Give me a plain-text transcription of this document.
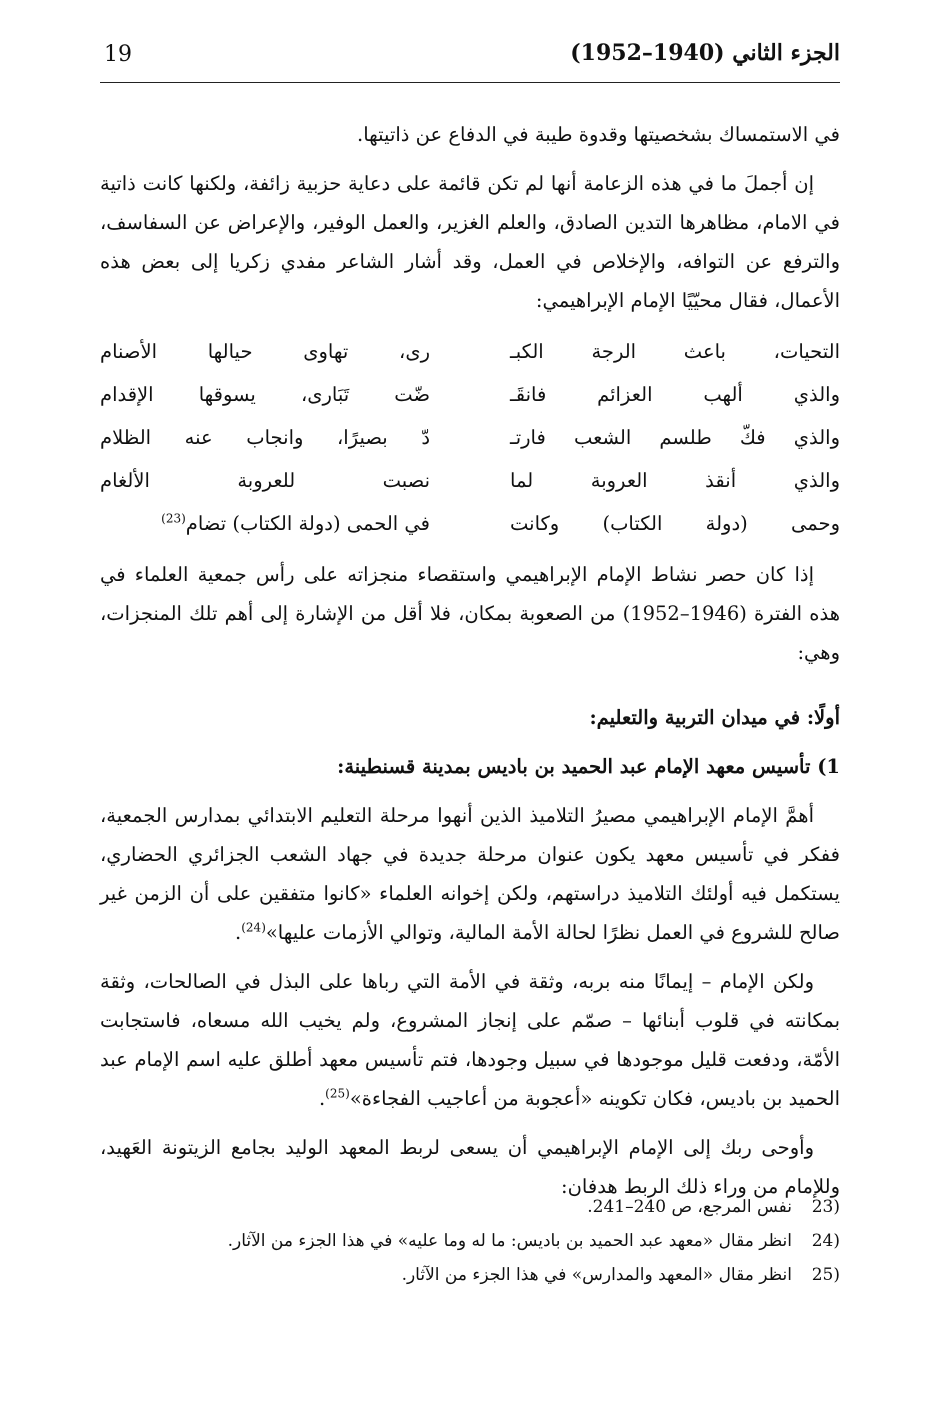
19	الجزء الثاني (1940–1952)

في الاستمساك بشخصيتها وقدوة طيبة في الدفاع عن ذاتيتها.

إن أجملَ ما في هذه الزعامة أنها لم تكن قائمة على دعاية حزبية زائفة، ولكنها كانت ذاتية في الامام، مظاهرها التدين الصادق، والعلم الغزير، والعمل الوفير، والإعراض عن السفاسف، والترفع عن التوافه، والإخلاص في العمل، وقد أشار الشاعر مفدي زكريا إلى بعض هذه الأعمال، فقال محيّيًا الإمام الإبراهيمي:

التحيات، باعث الرجة الكبـ
رى، تهاوى حيالها الأصنام
والذي ألهب العزائم فانقَـ
ضّت تَبَارى، يسوقها الإقدام
والذي فكّ طلسم الشعب فارتـ
دّ بصيرًا، وانجاب عنه الظلام
والذي أنقذ العروبة لما
نصبت للعروبة الألغام
وحمى (دولة الكتاب) وكانت
في الحمى (دولة الكتاب) تضام$^{(23)}$

إذا كان حصر نشاط الإمام الإبراهيمي واستقصاء منجزاته على رأس جمعية العلماء في هذه الفترة (1946–1952) من الصعوبة بمكان، فلا أقل من الإشارة إلى أهم تلك المنجزات، وهي:

أولًا: في ميدان التربية والتعليم:

1) تأسيس معهد الإمام عبد الحميد بن باديس بمدينة قسنطينة:

أهمَّ الإمام الإبراهيمي مصيرُ التلاميذ الذين أنهوا مرحلة التعليم الابتدائي بمدارس الجمعية، ففكر في تأسيس معهد يكون عنوان مرحلة جديدة في جهاد الشعب الجزائري الحضاري، يستكمل فيه أولئك التلاميذ دراستهم، ولكن إخوانه العلماء «كانوا متفقين على أن الزمن غير صالح للشروع في العمل نظرًا لحالة الأمة المالية، وتوالي الأزمات عليها»$^{(24)}$.

ولكن الإمام – إيمانًا منه بربه، وثقة في الأمة التي رباها على البذل في الصالحات، وثقة بمكانته في قلوب أبنائها – صمّم على إنجاز المشروع، ولم يخيب الله مسعاه، فاستجابت الأمّة، ودفعت قليل موجودها في سبيل وجودها، فتم تأسيس معهد أطلق عليه اسم الإمام عبد الحميد بن باديس، فكان تكوينه «أعجوبة من أعاجيب الفجاءة»$^{(25)}$.

وأوحى ربك إلى الإمام الإبراهيمي أن يسعى لربط المعهد الوليد بجامع الزيتونة العَهيد، وللإمام من وراء ذلك الربط هدفان:

23)
نفس المرجع، ص 240–241.
24)
انظر مقال «معهد عبد الحميد بن باديس: ما له وما عليه» في هذا الجزء من الآثار.
25)
انظر مقال «المعهد والمدارس» في هذا الجزء من الآثار.
